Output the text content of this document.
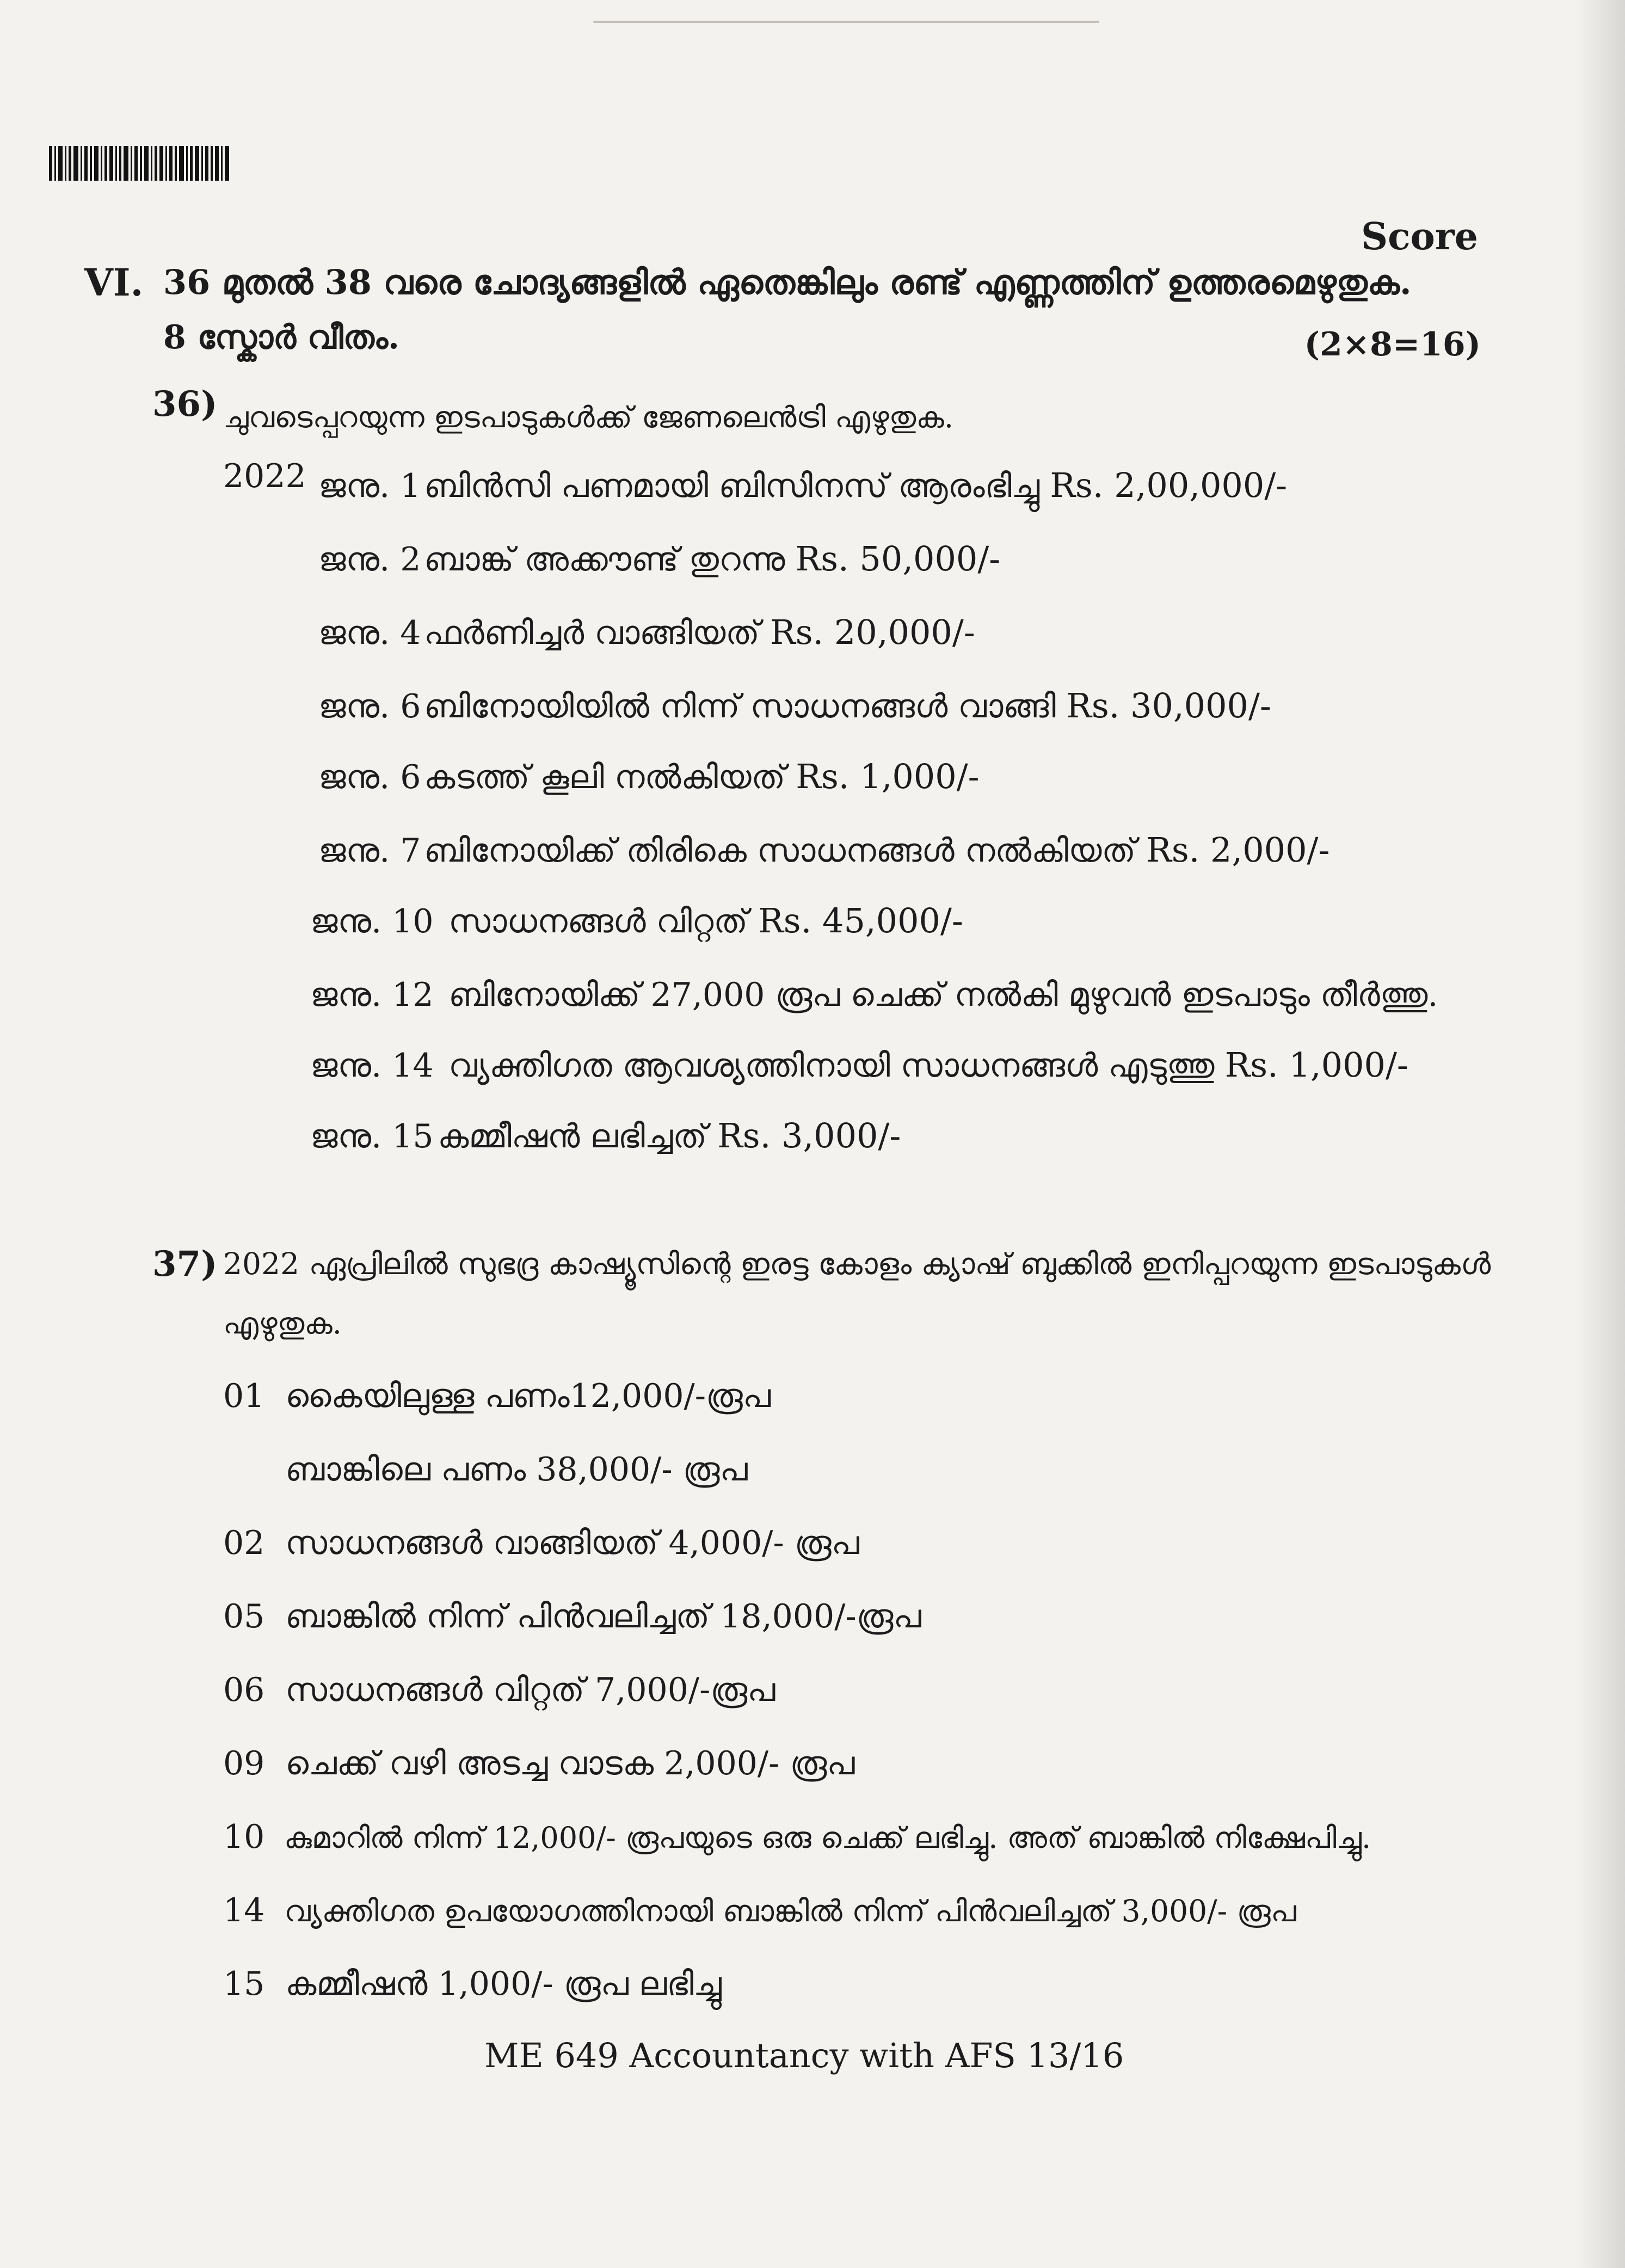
Score
VI. 36 മുതൽ 38 വരെ ചോദ്യങ്ങളിൽ ഏതെങ്കിലും രണ്ട് എണ്ണത്തിന് ഉത്തരമെഴുതുക.
8 സ്കോർ വീതം.	(2×8=16)
36) ചുവടെപ്പറയുന്ന ഇടപാടുകൾക്ക് ജേണലെൻട്രി എഴുതുക.
2022 ജനു. 1 ബിൻസി പണമായി ബിസിനസ് ആരംഭിച്ചു Rs. 2,00,000/-
ജനു. 2 ബാങ്ക് അക്കൗണ്ട് തുറന്നു Rs. 50,000/-
ജനു. 4 ഫർണിച്ചർ വാങ്ങിയത് Rs. 20,000/-
ജനു. 6 ബിനോയിയിൽ നിന്ന് സാധനങ്ങൾ വാങ്ങി Rs. 30,000/-
ജനു. 6 കടത്ത് കൂലി നൽകിയത് Rs. 1,000/-
ജനു. 7 ബിനോയിക്ക് തിരികെ സാധനങ്ങൾ നൽകിയത് Rs. 2,000/-
ജനു. 10 സാധനങ്ങൾ വിറ്റത് Rs. 45,000/-
ജനു. 12 ബിനോയിക്ക് 27,000 രൂപ ചെക്ക് നൽകി മുഴുവൻ ഇടപാടും തീർത്തു.
ജനു. 14 വ്യക്തിഗത ആവശ്യത്തിനായി സാധനങ്ങൾ എടുത്തു Rs. 1,000/-
ജനു. 15 കമ്മീഷൻ ലഭിച്ചത് Rs. 3,000/-
37) 2022 ഏപ്രിലിൽ സുഭദ്ര കാഷ്യൂസിന്റെ ഇരട്ട കോളം ക്യാഷ് ബുക്കിൽ ഇനിപ്പറയുന്ന ഇടപാടുകൾ
എഴുതുക.
01 കൈയിലുള്ള പണം12,000/-രൂപ
ബാങ്കിലെ പണം 38,000/- രൂപ
02 സാധനങ്ങൾ വാങ്ങിയത് 4,000/- രൂപ
05 ബാങ്കിൽ നിന്ന് പിൻവലിച്ചത് 18,000/-രൂപ
06 സാധനങ്ങൾ വിറ്റത് 7,000/-രൂപ
09 ചെക്ക് വഴി അടച്ച വാടക 2,000/- രൂപ
10 കുമാറിൽ നിന്ന് 12,000/- രൂപയുടെ ഒരു ചെക്ക് ലഭിച്ചു. അത് ബാങ്കിൽ നിക്ഷേപിച്ചു.
14 വ്യക്തിഗത ഉപയോഗത്തിനായി ബാങ്കിൽ നിന്ന് പിൻവലിച്ചത് 3,000/- രൂപ
15 കമ്മീഷൻ 1,000/- രൂപ ലഭിച്ചു
ME 649 Accountancy with AFS 13/16
